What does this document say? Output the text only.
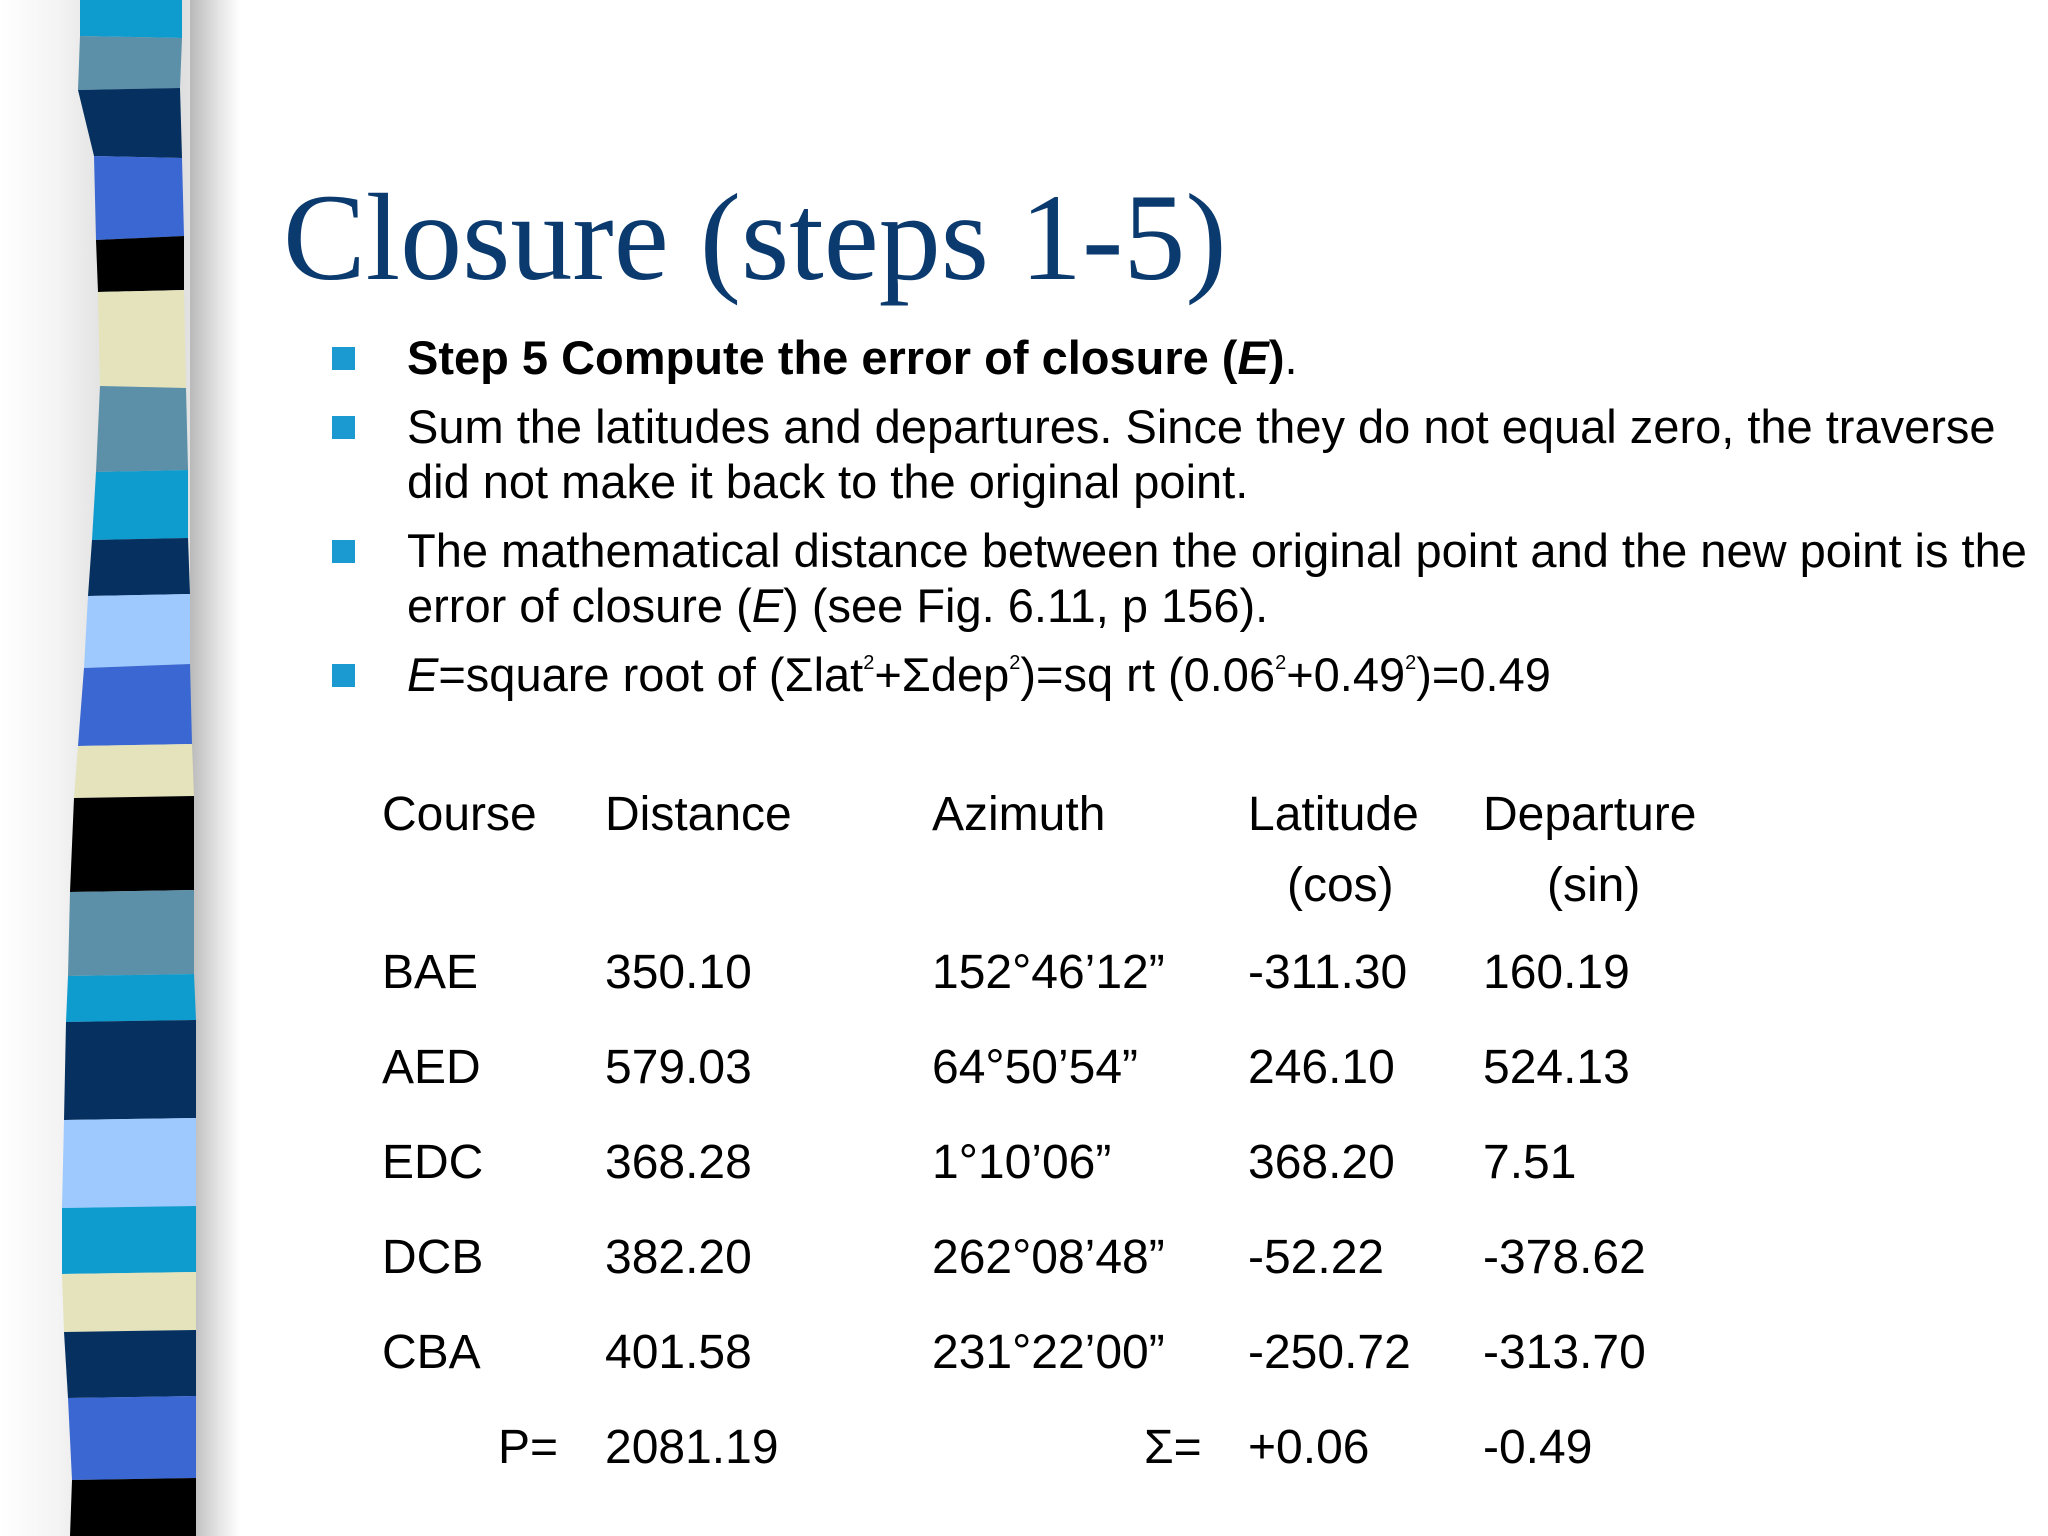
Closure (steps 1-5)
Step 5 Compute the error of closure (E).
Sum the latitudes and departures. Since they do not equal zero, the traverse did not make it back to the original point.
The mathematical distance between the original point and the new point is the error of closure (E) (see Fig. 6.11, p 156).
E=square root of (Σlat$^2$+Σdep$^2$)=sq rt $(0.06^2+0.49^2)=0.49$
Course Distance	Azimuth	Latitude Departure
(cos)	(sin)
BAE	350.10	152°46’12” -311.30 160.19
AED	579.03	64°50’54” 246.10 524.13
EDC	368.28	1°10’06”	368.20 7.51
DCB	382.20	262°08’48” -52.22 -378.62
CBA	401.58	231°22’00” -250.72 -313.70
P= 2081.19	Σ= +0.06 -0.49
